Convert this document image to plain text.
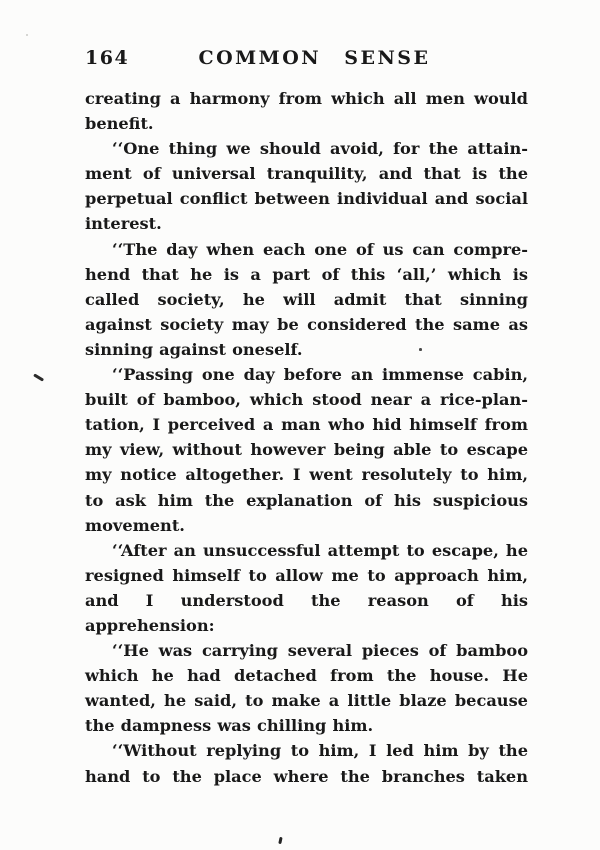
164	COMMON SENSE
creating a harmony from which all men would
benefit.
‘‘One thing we should avoid, for the attain-
ment of universal tranquility, and that is the
perpetual conflict between individual and social
interest.
‘‘The day when each one of us can compre-
hend that he is a part of this ‘all,’ which is
called society, he will admit that sinning
against society may be considered the same as
sinning against oneself.
‘‘Passing one day before an immense cabin,
built of bamboo, which stood near a rice-plan-
tation, I perceived a man who hid himself from
my view, without however being able to escape
my notice altogether. I went resolutely to him,
to ask him the explanation of his suspicious
movement.
‘‘After an unsuccessful attempt to escape, he
resigned himself to allow me to approach him,
and I understood the reason of his apprehension:
‘‘He was carrying several pieces of bamboo
which he had detached from the house. He
wanted, he said, to make a little blaze because
the dampness was chilling him.
‘‘Without replying to him, I led him by the
hand to the place where the branches taken
